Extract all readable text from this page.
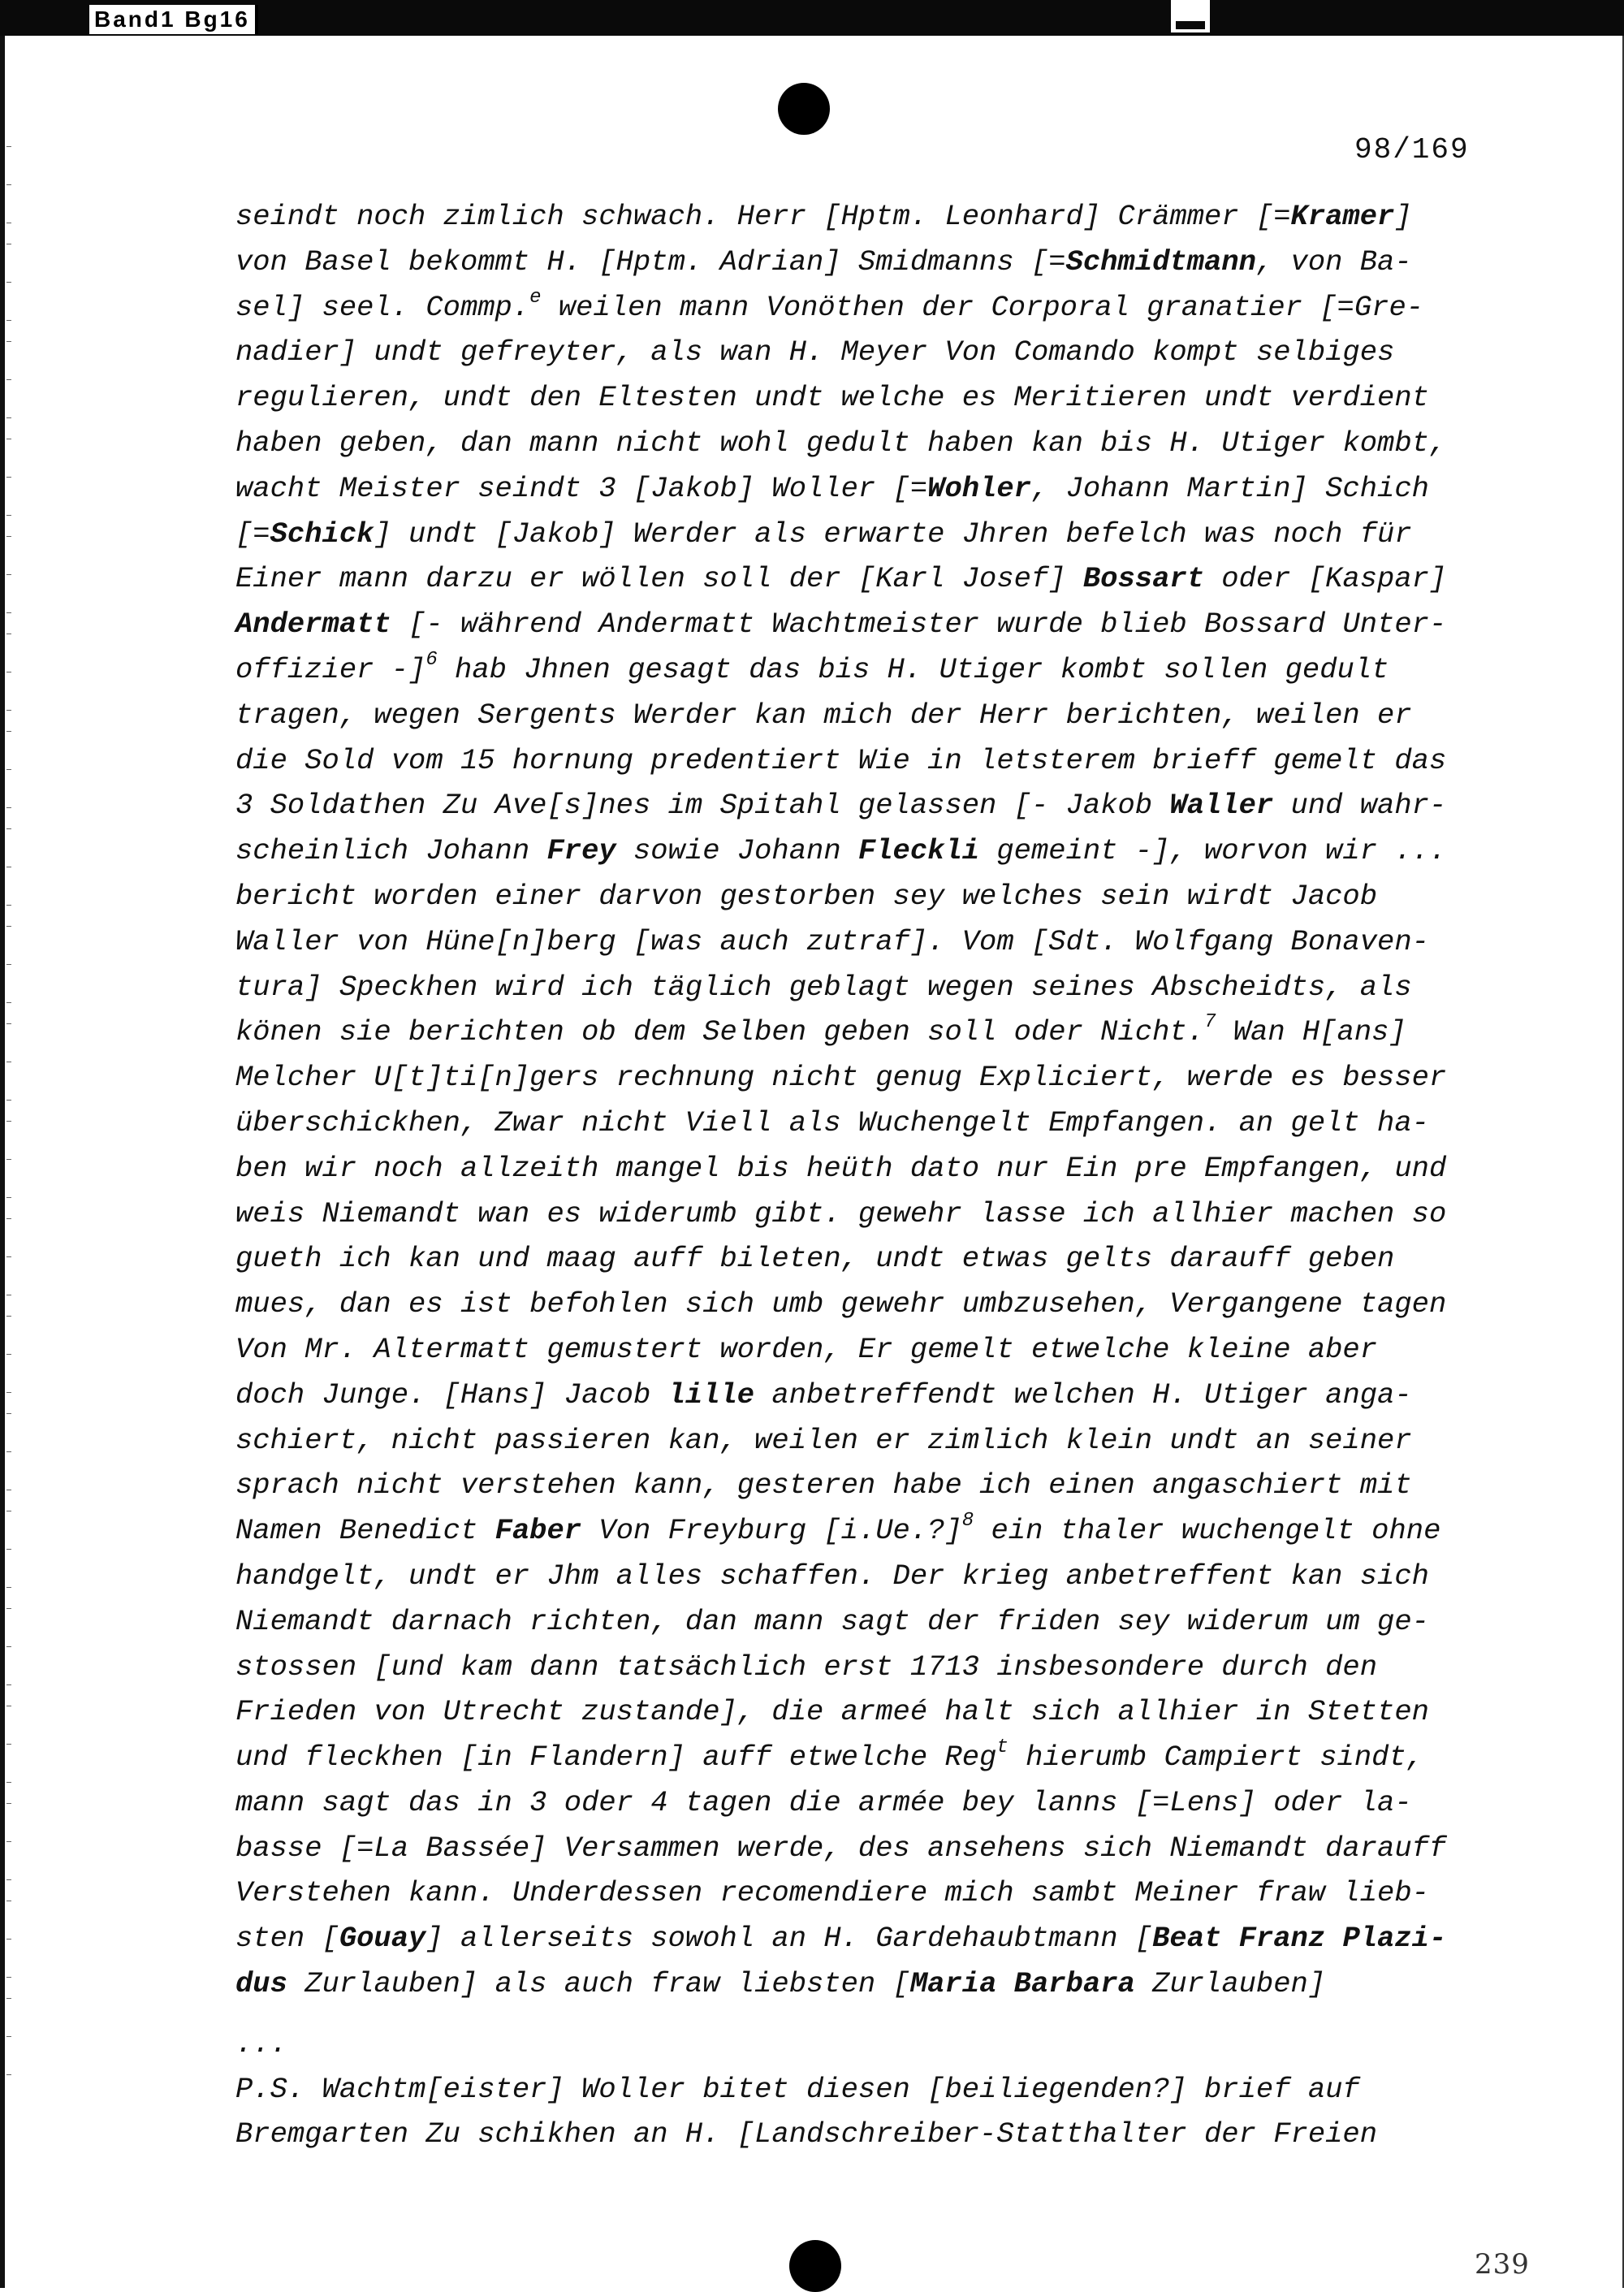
Band1 Bg16
98/169
seindt noch zimlich schwach. Herr [Hptm. Leonhard] Crämmer [=Kramer]
von Basel bekommt H. [Hptm. Adrian] Smidmanns [=Schmidtmann, von Ba-
sel] seel. Commp.$^e$ weilen mann Vonöthen der Corporal granatier [=Gre-
nadier] undt gefreyter, als wan H. Meyer Von Comando kompt selbiges
regulieren, undt den Eltesten undt welche es Meritieren undt verdient
haben geben, dan mann nicht wohl gedult haben kan bis H. Utiger kombt,
wacht Meister seindt 3 [Jakob] Woller [=Wohler, Johann Martin] Schich
[=Schick] undt [Jakob] Werder als erwarte Jhren befelch was noch für
Einer mann darzu er wöllen soll der [Karl Josef] Bossart oder [Kaspar]
Andermatt [- während Andermatt Wachtmeister wurde blieb Bossard Unter-
offizier -]$^6$ hab Jhnen gesagt das bis H. Utiger kombt sollen gedult
tragen, wegen Sergents Werder kan mich der Herr berichten, weilen er
die Sold vom 15 hornung predentiert Wie in letsterem brieff gemelt das
3 Soldathen Zu Ave[s]nes im Spitahl gelassen [- Jakob Waller und wahr-
scheinlich Johann Frey sowie Johann Fleckli gemeint -], worvon wir ...
bericht worden einer darvon gestorben sey welches sein wirdt Jacob
Waller von Hüne[n]berg [was auch zutraf]. Vom [Sdt. Wolfgang Bonaven-
tura] Speckhen wird ich täglich geblagt wegen seines Abscheidts, als
könen sie berichten ob dem Selben geben soll oder Nicht.$^7$ Wan H[ans]
Melcher U[t]ti[n]gers rechnung nicht genug Expliciert, werde es besser
überschickhen, Zwar nicht Viell als Wuchengelt Empfangen. an gelt ha-
ben wir noch allzeith mangel bis heüth dato nur Ein pre Empfangen, und
weis Niemandt wan es widerumb gibt. gewehr lasse ich allhier machen so
gueth ich kan und maag auff bileten, undt etwas gelts darauff geben
mues, dan es ist befohlen sich umb gewehr umbzusehen, Vergangene tagen
Von Mr. Altermatt gemustert worden, Er gemelt etwelche kleine aber
doch Junge. [Hans] Jacob lille anbetreffendt welchen H. Utiger anga-
schiert, nicht passieren kan, weilen er zimlich klein undt an seiner
sprach nicht verstehen kann, gesteren habe ich einen angaschiert mit
Namen Benedict Faber Von Freyburg [i.Ue.?]$^8$ ein thaler wuchengelt ohne
handgelt, undt er Jhm alles schaffen. Der krieg anbetreffent kan sich
Niemandt darnach richten, dan mann sagt der friden sey widerum um ge-
stossen [und kam dann tatsächlich erst 1713 insbesondere durch den
Frieden von Utrecht zustande], die armeé halt sich allhier in Stetten
und fleckhen [in Flandern] auff etwelche Reg$^t$ hierumb Campiert sindt,
mann sagt das in 3 oder 4 tagen die armée bey lanns [=Lens] oder la-
basse [=La Bassée] Versammen werde, des ansehens sich Niemandt darauff
Verstehen kann. Underdessen recomendiere mich sambt Meiner fraw lieb-
sten [Gouay] allerseits sowohl an H. Gardehaubtmann [Beat Franz Plazi-
dus Zurlauben] als auch fraw liebsten [Maria Barbara Zurlauben]
...
P.S. Wachtm[eister] Woller bitet diesen [beiliegenden?] brief auf
Bremgarten Zu schikhen an H. [Landschreiber-Statthalter der Freien
239
